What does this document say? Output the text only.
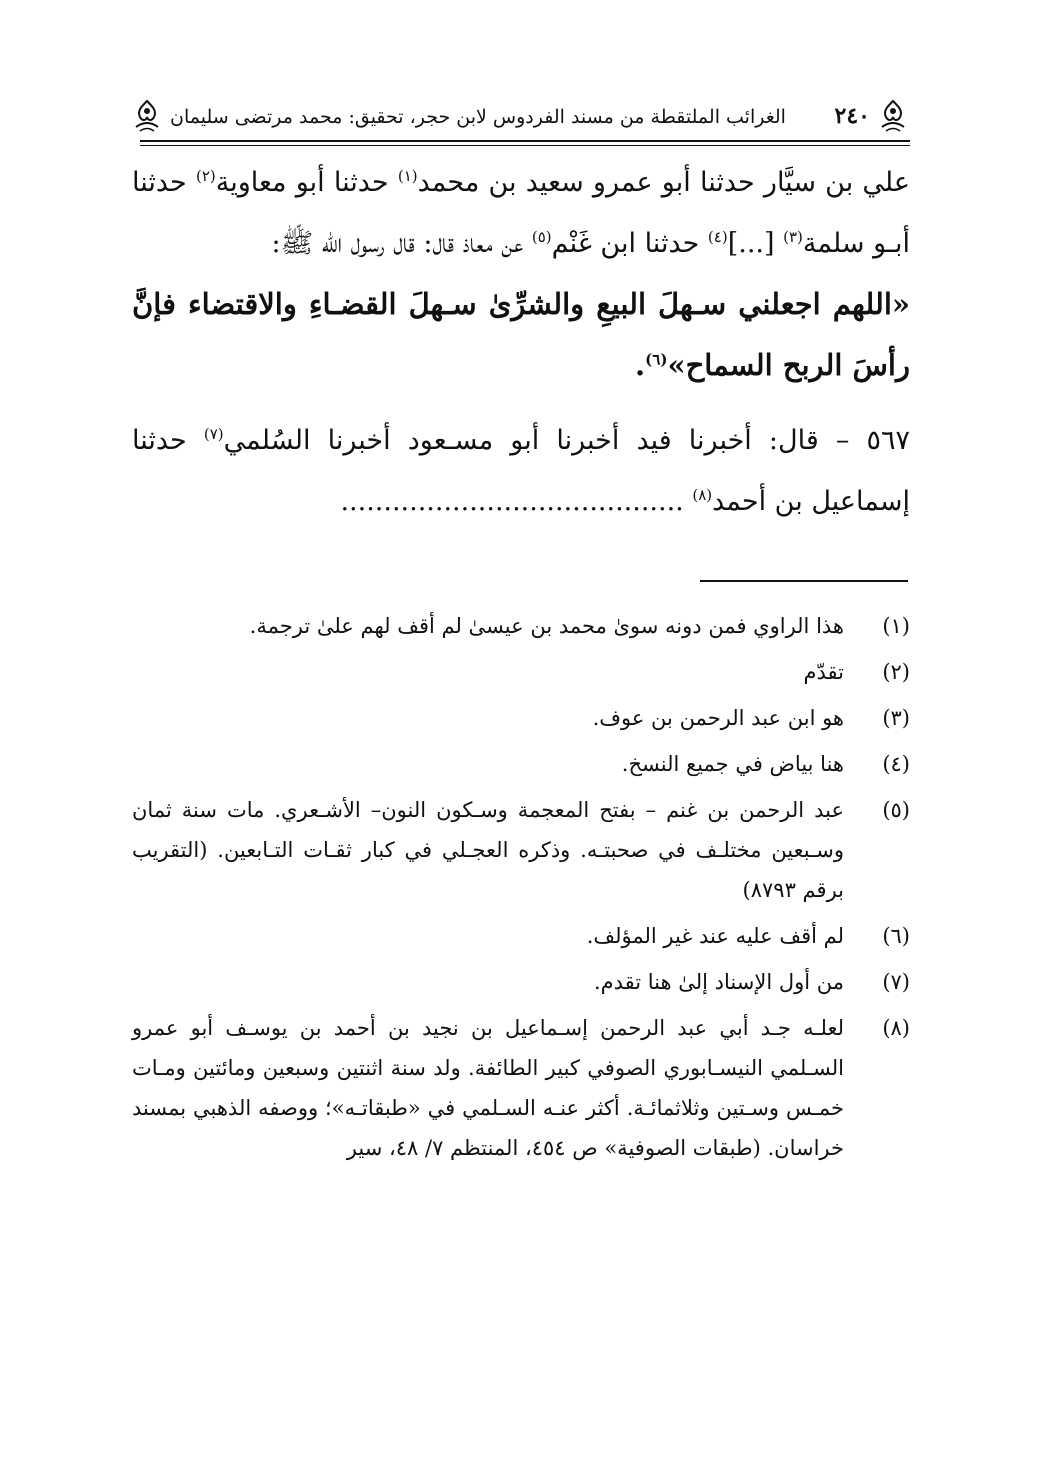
٢٤٠
الغرائب الملتقطة من مسند الفردوس لابن حجر، تحقيق: محمد مرتضى سليمان

علي بن سيَّار حدثنا أبو عمرو سعيد بن محمد$^{(١)}$ حدثنا أبو معاوية$^{(٢)}$ حدثنا أبـو سلمة$^{(٣)}$ [...]$^{(٤)}$ حدثنا ابن غَنْم$^{(٥)}$ عن معاذ قال: قال رسول الله ﷺ:

«اللهم اجعلني سـهلَ البيعِ والشرِّىٰ سـهلَ القضـاءِ والاقتضاء فإنَّ رأسَ الربح السماح»$^{(٦)}$.

٥٦٧ – قال: أخبرنا فيد أخبرنا أبو مسـعود أخبرنا السُلمي$^{(٧)}$ حدثنا إسماعيل بن أحمد$^{(٨)}$ ........................................

(١)
هذا الراوي فمن دونه سوىٰ محمد بن عيسىٰ لم أقف لهم علىٰ ترجمة.
(٢)
تقدّم
(٣)
هو ابن عبد الرحمن بن عوف.
(٤)
هنا بياض في جميع النسخ.
(٥)
عبد الرحمن بن غنم – بفتح المعجمة وسـكون النون– الأشـعري. مات سنة ثمان وسـبعين مختلـف في صحبتـه. وذكره العجـلي في كبار ثقـات التـابعين. (التقريب برقم ٨٧٩٣)
(٦)
لم أقف عليه عند غير المؤلف.
(٧)
من أول الإسناد إلىٰ هنا تقدم.
(٨)
لعلـه جـد أبي عبد الرحمن إسـماعيل بن نجيد بن أحمد بن يوسـف أبو عمرو السـلمي النيسـابوري الصوفي كبير الطائفة. ولد سنة اثنتين وسبعين ومائتين ومـات خمـس وسـتين وثلاثمائـة. أكثر عنـه السـلمي في «طبقاتـه»؛ ووصفه الذهبي بمسند خراسان. (طبقات الصوفية» ص ٤٥٤، المنتظم ٧/ ٤٨، سير
